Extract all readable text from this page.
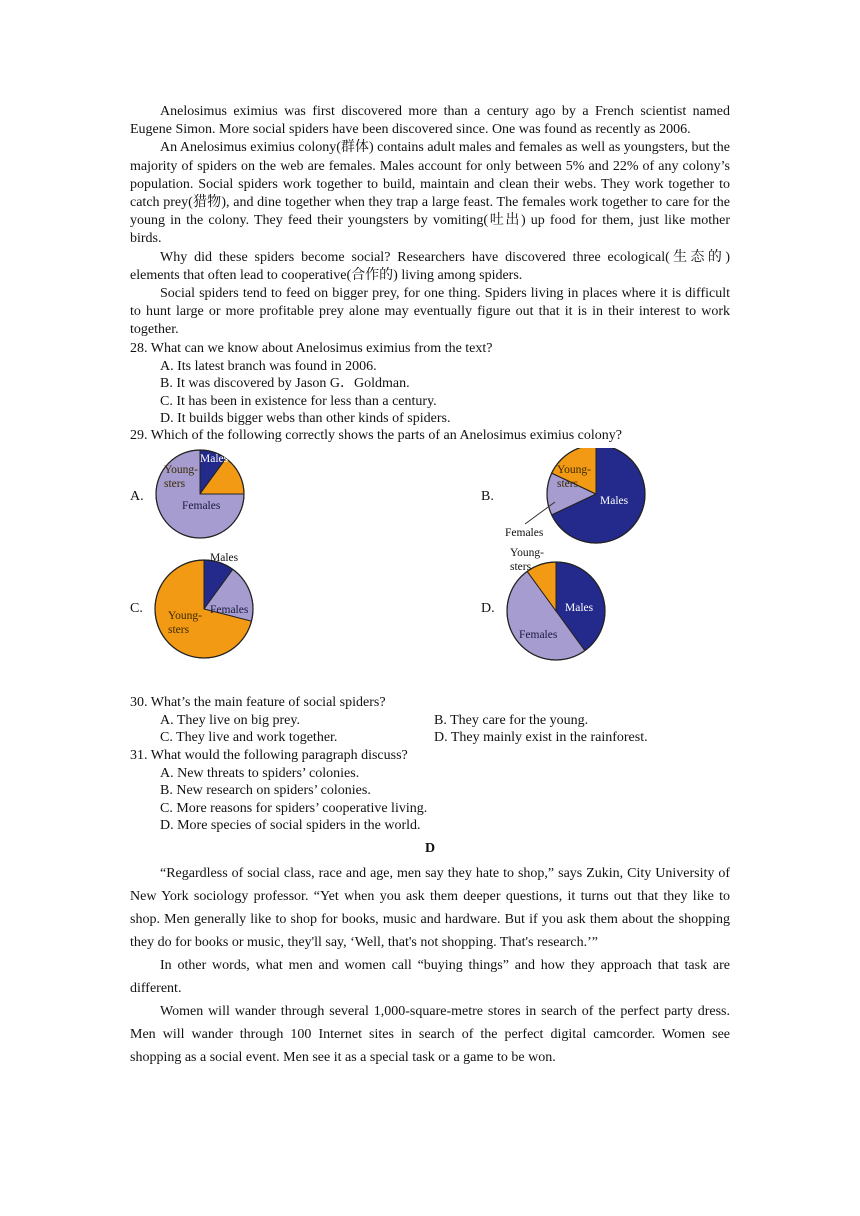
Anelosimus eximius was first discovered more than a century ago by a French scientist named Eugene Simon. More social spiders have been discovered since. One was found as recently as 2006.

An Anelosimus eximius colony(群体) contains adult males and females as well as youngsters, but the majority of spiders on the web are females. Males account for only between 5% and 22% of any colony’s population. Social spiders work together to build, maintain and clean their webs. They work together to catch prey(猎物), and dine together when they trap a large feast. The females work together to care for the young in the colony. They feed their youngsters by vomiting(吐出) up food for them, just like mother birds.

Why did these spiders become social? Researchers have discovered three ecological(生态的) elements that often lead to cooperative(合作的) living among spiders.

Social spiders tend to feed on bigger prey, for one thing. Spiders living in places where it is difficult to hunt large or more profitable prey alone may eventually figure out that it is in their interest to work together.

28. What can we know about Anelosimus eximius from the text?

A. Its latest branch was found in 2006.

B. It was discovered by Jason G．Goldman.

C. It has been in existence for less than a century.

D. It builds bigger webs than other kinds of spiders.

29. Which of the following correctly shows the parts of an Anelosimus eximius colony?

A.	B.
C.	D.
Males
Young-sters
Females	Males
Females
Young-sters
Males
Females
Young-sters
Males
Females
Young-sters

30. What’s the main feature of social spiders?

A. They live on big prey.	B. They care for the young.
C. They live and work together.	D. They mainly exist in the rainforest.

31. What would the following paragraph discuss?

A. New threats to spiders’ colonies.

B. New research on spiders’ colonies.

C. More reasons for spiders’ cooperative living.

D. More species of social spiders in the world.

D

“Regardless of social class, race and age, men say they hate to shop,” says Zukin, City University of New York sociology professor. “Yet when you ask them deeper questions, it turns out that they like to shop. Men generally like to shop for books, music and hardware. But if you ask them about the shopping they do for books or music, they'll say, ‘Well, that's not shopping. That's research.’”

In other words, what men and women call “buying things” and how they approach that task are different.

Women will wander through several 1,000-square-metre stores in search of the perfect party dress. Men will wander through 100 Internet sites in search of the perfect digital camcorder. Women see shopping as a social event. Men see it as a special task or a game to be won.
